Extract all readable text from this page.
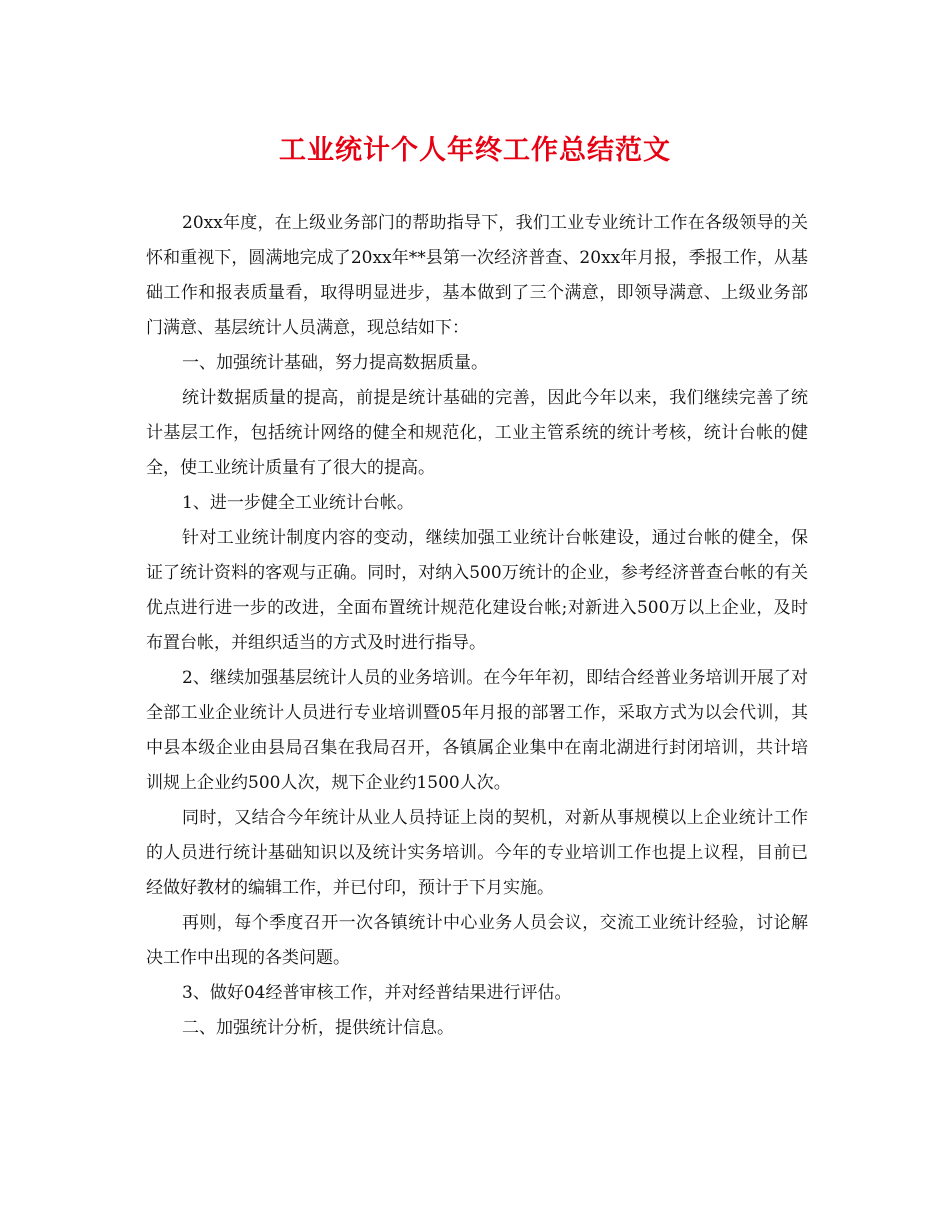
工业统计个人年终工作总结范文

20xx年度，在上级业务部门的帮助指导下，我们工业专业统计工作在各级领导的关怀和重视下，圆满地完成了20xx年**县第一次经济普查、20xx年月报，季报工作，从基础工作和报表质量看，取得明显进步，基本做到了三个满意，即领导满意、上级业务部门满意、基层统计人员满意，现总结如下：

一、加强统计基础，努力提高数据质量。

统计数据质量的提高，前提是统计基础的完善，因此今年以来，我们继续完善了统计基层工作，包括统计网络的健全和规范化，工业主管系统的统计考核，统计台帐的健全，使工业统计质量有了很大的提高。

1、进一步健全工业统计台帐。

针对工业统计制度内容的变动，继续加强工业统计台帐建设，通过台帐的健全，保证了统计资料的客观与正确。同时，对纳入500万统计的企业，参考经济普查台帐的有关优点进行进一步的改进，全面布置统计规范化建设台帐;对新进入500万以上企业，及时布置台帐，并组织适当的方式及时进行指导。

2、继续加强基层统计人员的业务培训。在今年年初，即结合经普业务培训开展了对全部工业企业统计人员进行专业培训暨05年月报的部署工作，采取方式为以会代训，其中县本级企业由县局召集在我局召开，各镇属企业集中在南北湖进行封闭培训，共计培训规上企业约500人次，规下企业约1500人次。

同时，又结合今年统计从业人员持证上岗的契机，对新从事规模以上企业统计工作的人员进行统计基础知识以及统计实务培训。今年的专业培训工作也提上议程，目前已经做好教材的编辑工作，并已付印，预计于下月实施。

再则，每个季度召开一次各镇统计中心业务人员会议，交流工业统计经验，讨论解决工作中出现的各类问题。

3、做好04经普审核工作，并对经普结果进行评估。

二、加强统计分析，提供统计信息。
